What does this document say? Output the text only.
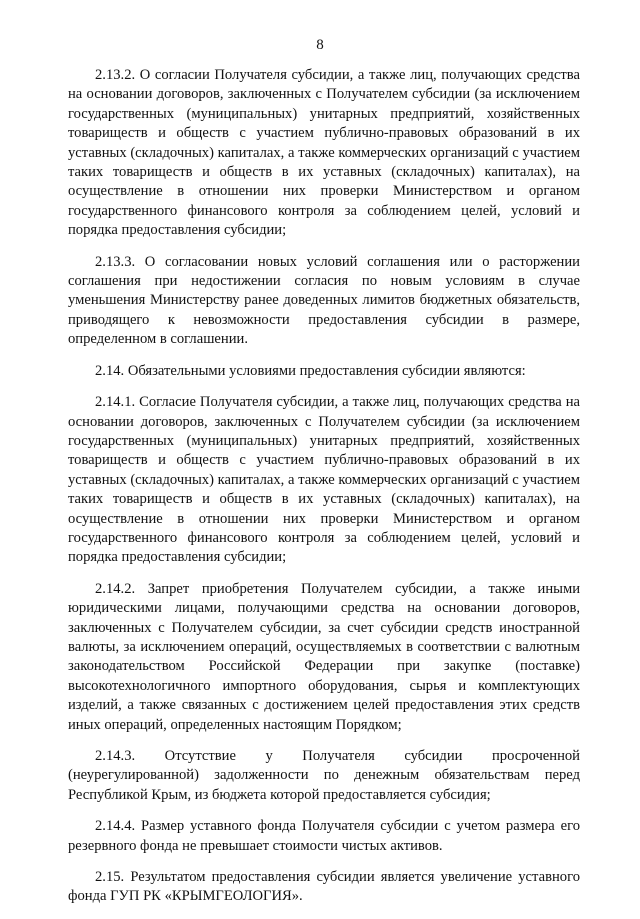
8

2.13.2. О согласии Получателя субсидии, а также лиц, получающих средства на основании договоров, заключенных с Получателем субсидии (за исключением государственных (муниципальных) унитарных предприятий, хозяйственных товариществ и обществ с участием публично-правовых образований в их уставных (складочных) капиталах, а также коммерческих организаций с участием таких товариществ и обществ в их уставных (складочных) капиталах), на осуществление в отношении них проверки Министерством и органом государственного финансового контроля за соблюдением целей, условий и порядка предоставления субсидии;

2.13.3. О согласовании новых условий соглашения или о расторжении соглашения при недостижении согласия по новым условиям в случае уменьшения Министерству ранее доведенных лимитов бюджетных обязательств, приводящего к невозможности предоставления субсидии в размере, определенном в соглашении.

2.14. Обязательными условиями предоставления субсидии являются:

2.14.1. Согласие Получателя субсидии, а также лиц, получающих средства на основании договоров, заключенных с Получателем субсидии (за исключением государственных (муниципальных) унитарных предприятий, хозяйственных товариществ и обществ с участием публично-правовых образований в их уставных (складочных) капиталах, а также коммерческих организаций с участием таких товариществ и обществ в их уставных (складочных) капиталах), на осуществление в отношении них проверки Министерством и органом государственного финансового контроля за соблюдением целей, условий и порядка предоставления субсидии;

2.14.2. Запрет приобретения Получателем субсидии, а также иными юридическими лицами, получающими средства на основании договоров, заключенных с Получателем субсидии, за счет субсидии средств иностранной валюты, за исключением операций, осуществляемых в соответствии с валютным законодательством Российской Федерации при закупке (поставке) высокотехнологичного импортного оборудования, сырья и комплектующих изделий, а также связанных с достижением целей предоставления этих средств иных операций, определенных настоящим Порядком;

2.14.3. Отсутствие у Получателя субсидии просроченной (неурегулированной) задолженности по денежным обязательствам перед Республикой Крым, из бюджета которой предоставляется субсидия;

2.14.4. Размер уставного фонда Получателя субсидии с учетом размера его резервного фонда не превышает стоимости чистых активов.

2.15. Результатом предоставления субсидии является увеличение уставного фонда ГУП РК «КРЫМГЕОЛОГИЯ».
